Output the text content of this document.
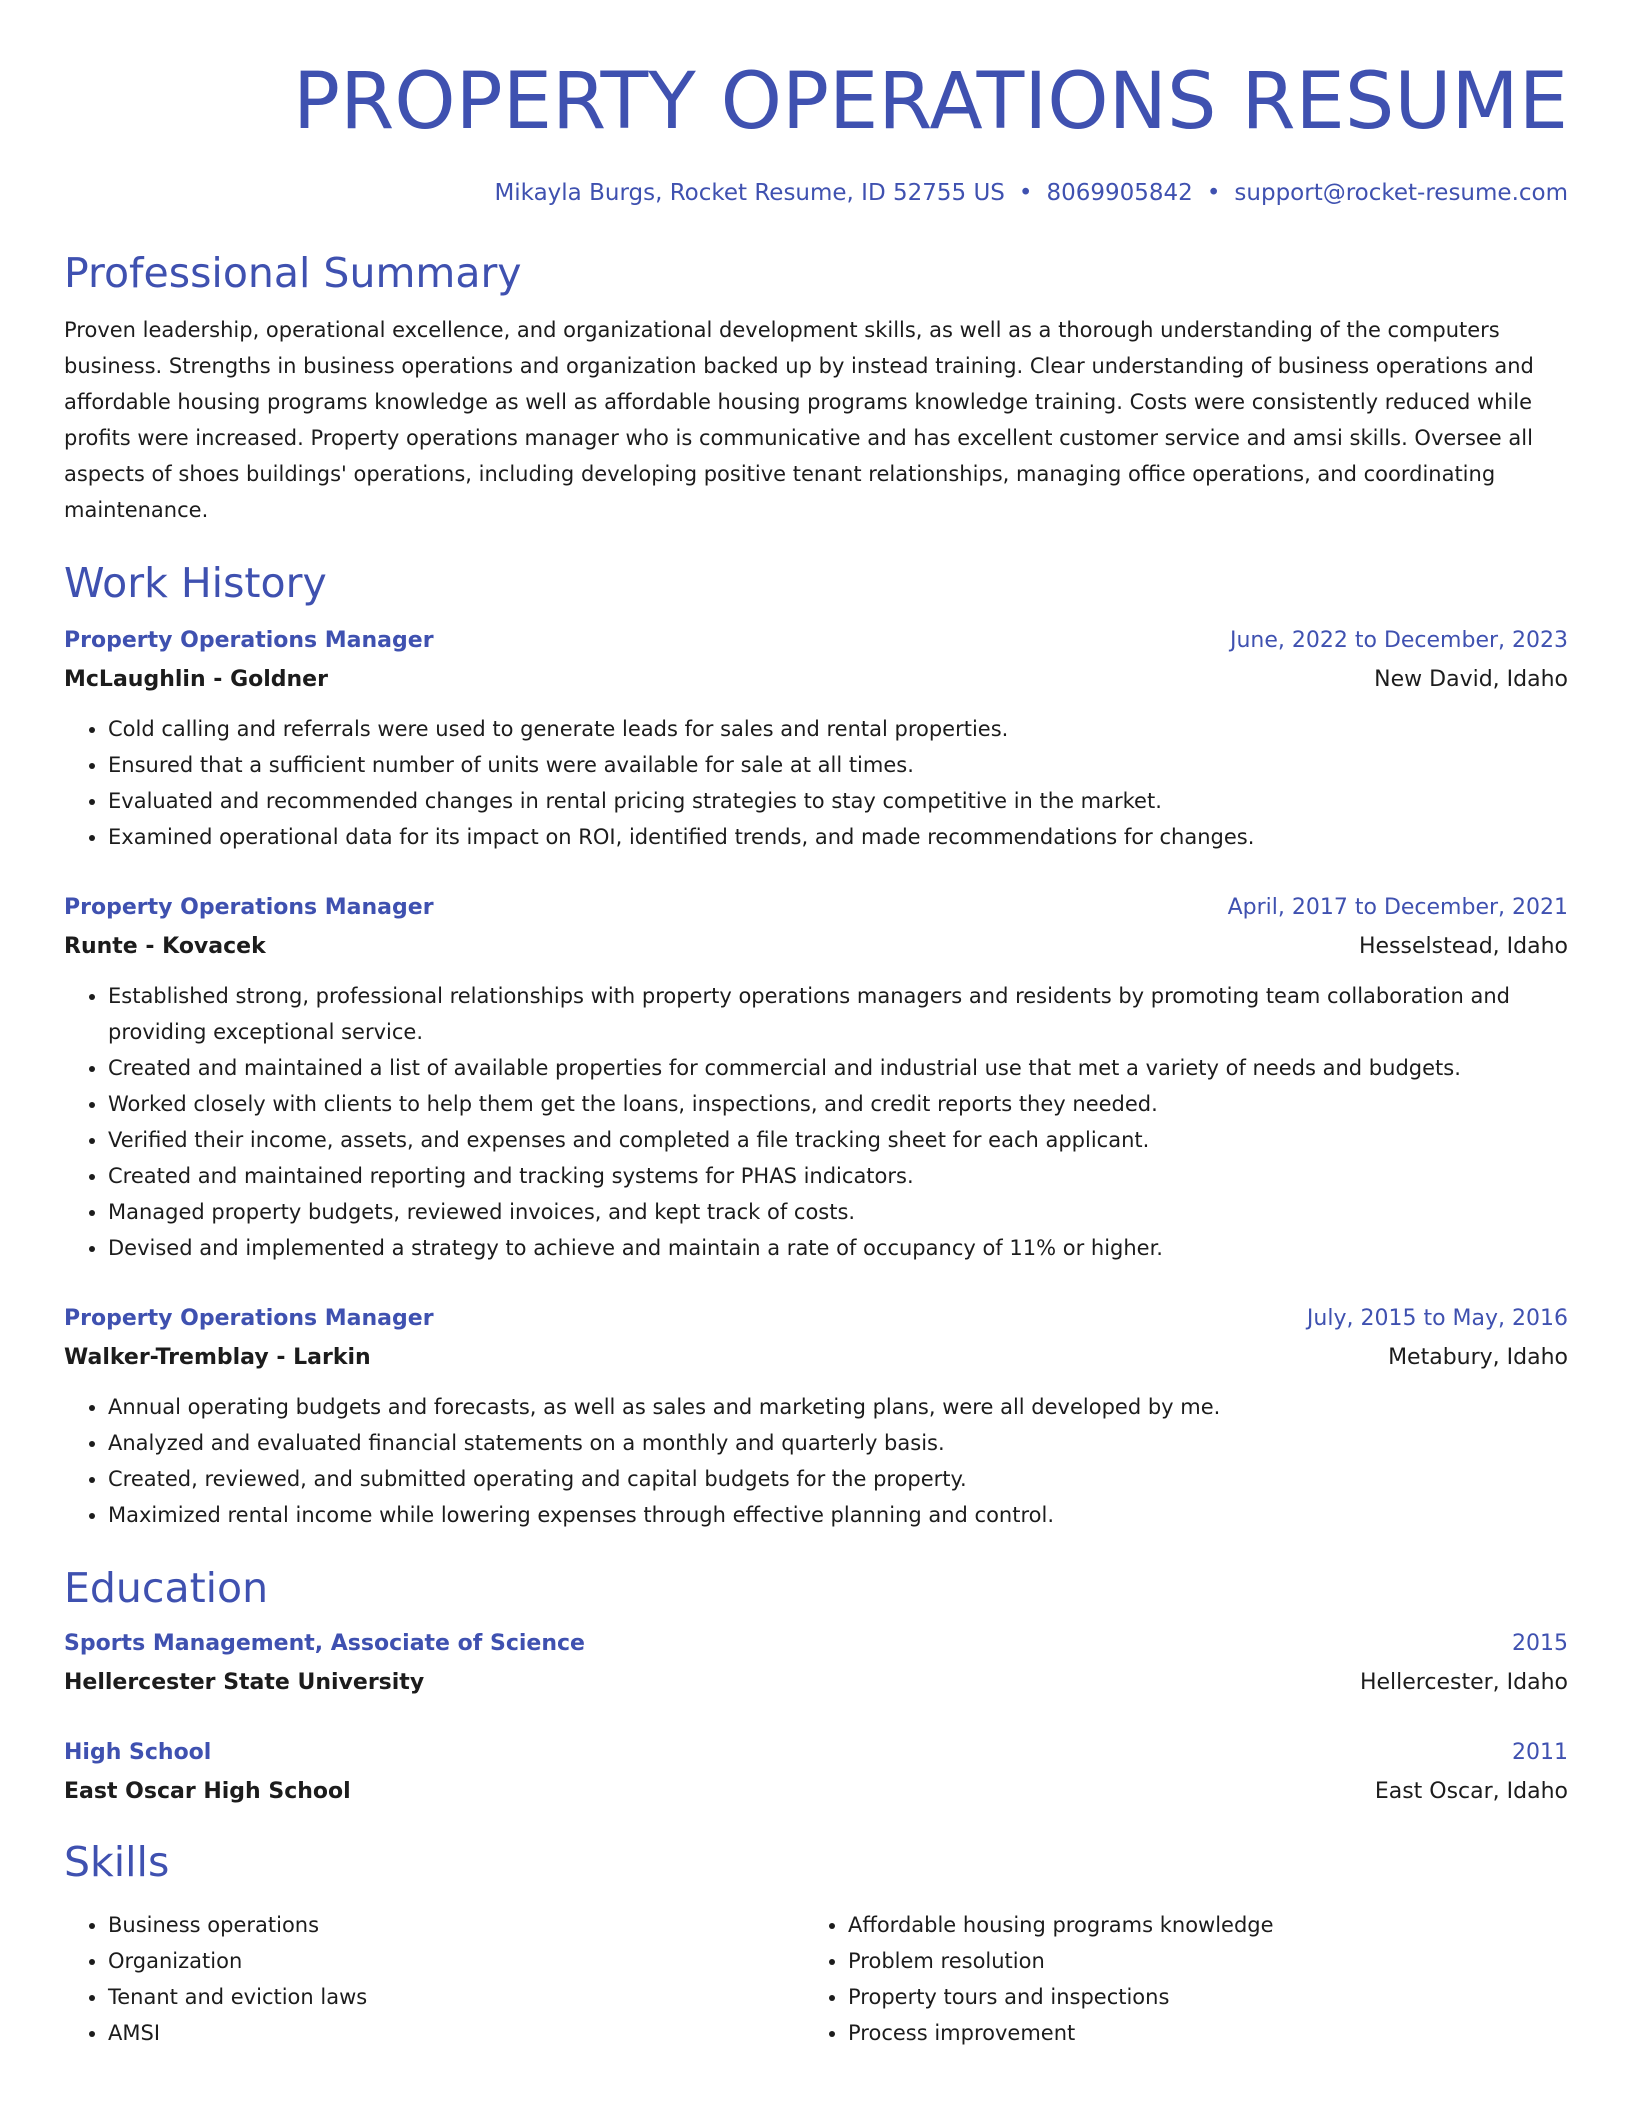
PROPERTY OPERATIONS RESUME
Mikayla Burgs, Rocket Resume, ID 52755 US • 8069905842 • support@rocket-resume.com
Professional Summary
Proven leadership, operational excellence, and organizational development skills, as well as a thorough understanding of the computers business. Strengths in business operations and organization backed up by instead training. Clear understanding of business operations and affordable housing programs knowledge as well as affordable housing programs knowledge training. Costs were consistently reduced while profits were increased. Property operations manager who is communicative and has excellent customer service and amsi skills. Oversee all aspects of shoes buildings' operations, including developing positive tenant relationships, managing office operations, and coordinating maintenance.
Work History
Property Operations Manager	June, 2022 to December, 2023
McLaughlin - Goldner	New David, Idaho
• Cold calling and referrals were used to generate leads for sales and rental properties.
• Ensured that a sufficient number of units were available for sale at all times.
• Evaluated and recommended changes in rental pricing strategies to stay competitive in the market.
• Examined operational data for its impact on ROI, identified trends, and made recommendations for changes.
Property Operations Manager	April, 2017 to December, 2021
Runte - Kovacek	Hesselstead, Idaho
• Established strong, professional relationships with property operations managers and residents by promoting team collaboration and providing exceptional service.
• Created and maintained a list of available properties for commercial and industrial use that met a variety of needs and budgets.
• Worked closely with clients to help them get the loans, inspections, and credit reports they needed.
• Verified their income, assets, and expenses and completed a file tracking sheet for each applicant.
• Created and maintained reporting and tracking systems for PHAS indicators.
• Managed property budgets, reviewed invoices, and kept track of costs.
• Devised and implemented a strategy to achieve and maintain a rate of occupancy of 11% or higher.
Property Operations Manager	July, 2015 to May, 2016
Walker-Tremblay - Larkin	Metabury, Idaho
• Annual operating budgets and forecasts, as well as sales and marketing plans, were all developed by me.
• Analyzed and evaluated financial statements on a monthly and quarterly basis.
• Created, reviewed, and submitted operating and capital budgets for the property.
• Maximized rental income while lowering expenses through effective planning and control.
Education
Sports Management, Associate of Science	2015
Hellercester State University	Hellercester, Idaho
High School	2011
East Oscar High School	East Oscar, Idaho
Skills
• Business operations
• Organization
• Tenant and eviction laws
• AMSI
• Affordable housing programs knowledge
• Problem resolution
• Property tours and inspections
• Process improvement
